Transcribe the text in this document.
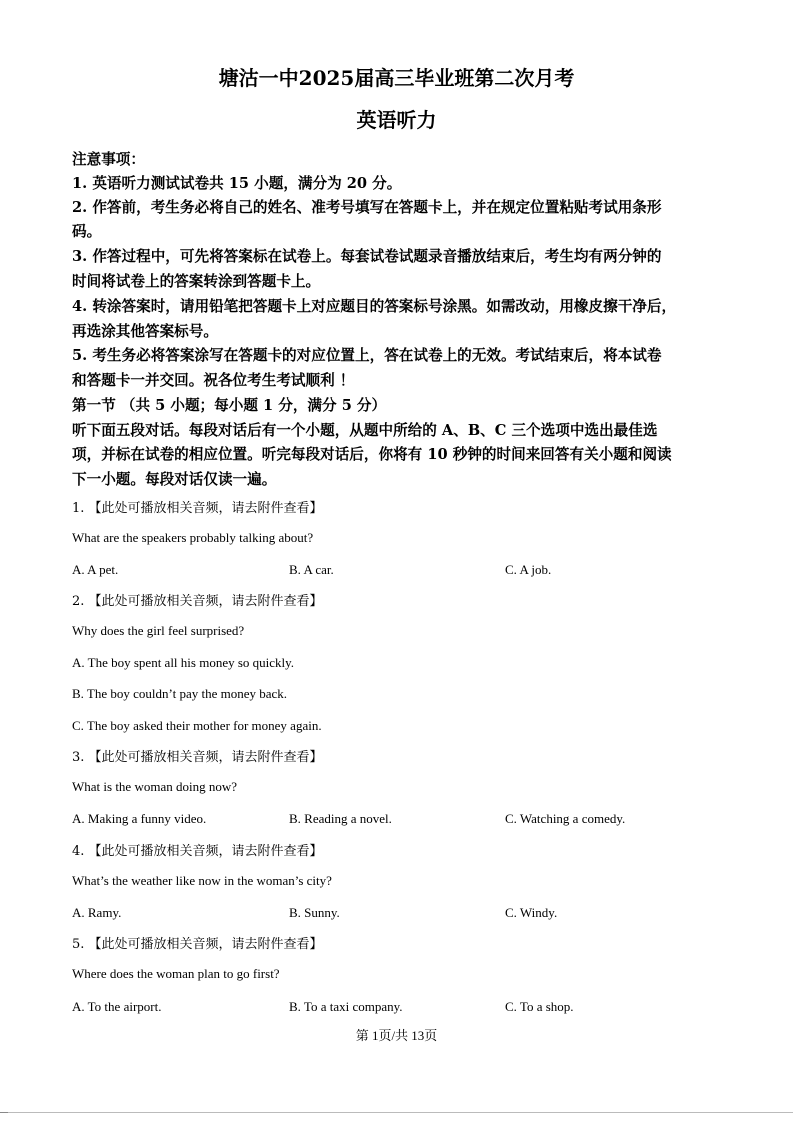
塘沽一中2025届高三毕业班第二次月考
英语听力
注意事项：
1. 英语听力测试试卷共 15 小题，满分为 20 分。
2. 作答前，考生务必将自己的姓名、准考号填写在答题卡上，并在规定位置粘贴考试用条形
码。
3. 作答过程中，可先将答案标在试卷上。每套试卷试题录音播放结束后，考生均有两分钟的
时间将试卷上的答案转涂到答题卡上。
4. 转涂答案时，请用铅笔把答题卡上对应题目的答案标号涂黑。如需改动，用橡皮擦干净后，
再选涂其他答案标号。
5. 考生务必将答案涂写在答题卡的对应位置上，答在试卷上的无效。考试结束后，将本试卷
和答题卡一并交回。祝各位考生考试顺利 ！
第一节 （共 5 小题；每小题 1 分，满分 5 分）
听下面五段对话。每段对话后有一个小题，从题中所给的 A、B、C 三个选项中选出最佳选
项，并标在试卷的相应位置。听完每段对话后，你将有 10 秒钟的时间来回答有关小题和阅读
下一小题。每段对话仅读一遍。
1. 【此处可播放相关音频，请去附件查看】
What are the speakers probably talking about?
A. A pet.	B. A car.	C. A job.
2. 【此处可播放相关音频，请去附件查看】
Why does the girl feel surprised?
A. The boy spent all his money so quickly.
B. The boy couldn’t pay the money back.
C. The boy asked their mother for money again.
3. 【此处可播放相关音频，请去附件查看】
What is the woman doing now?
A. Making a funny video.	B. Reading a novel.	C. Watching a comedy.
4. 【此处可播放相关音频，请去附件查看】
What’s the weather like now in the woman’s city?
A. Ramy.	B. Sunny.	C. Windy.
5. 【此处可播放相关音频，请去附件查看】
Where does the woman plan to go first?
A. To the airport.	B. To a taxi company.	C. To a shop.
第 1页/共 13页
